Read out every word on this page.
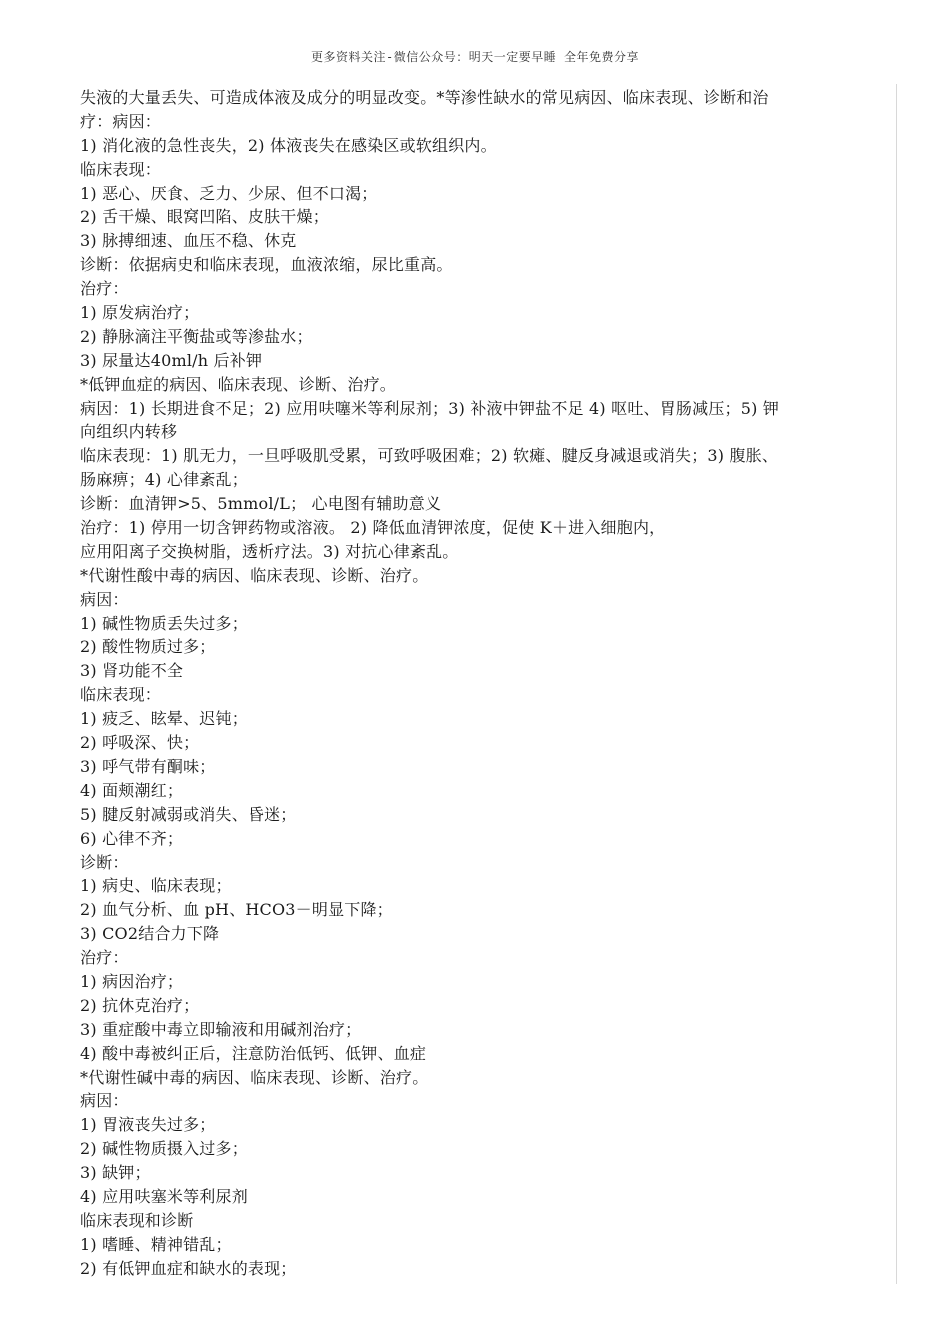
更多资料关注-微信公众号：明天一定要早睡 全年免费分享
失液的大量丢失、可造成体液及成分的明显改变。*等渗性缺水的常见病因、临床表现、诊断和治
疗：病因：
1) 消化液的急性丧失，2) 体液丧失在感染区或软组织内。
临床表现：
1) 恶心、厌食、乏力、少尿、但不口渴；
2) 舌干燥、眼窝凹陷、皮肤干燥；
3) 脉搏细速、血压不稳、休克
诊断：依据病史和临床表现，血液浓缩，尿比重高。
治疗：
1) 原发病治疗；
2) 静脉滴注平衡盐或等渗盐水；
3) 尿量达40ml/h 后补钾
*低钾血症的病因、临床表现、诊断、治疗。
病因：1) 长期进食不足；2) 应用呋噻米等利尿剂；3) 补液中钾盐不足 4) 呕吐、胃肠减压；5) 钾
向组织内转移
临床表现：1) 肌无力，一旦呼吸肌受累，可致呼吸困难；2) 软瘫、腱反身减退或消失；3) 腹胀、
肠麻痹；4) 心律紊乱；
诊断：血清钾>5、5mmol/L； 心电图有辅助意义
治疗：1) 停用一切含钾药物或溶液。 2) 降低血清钾浓度，促使 K＋进入细胞内，
应用阳离子交换树脂，透析疗法。3) 对抗心律紊乱。
*代谢性酸中毒的病因、临床表现、诊断、治疗。
病因：
1) 碱性物质丢失过多；
2) 酸性物质过多；
3) 肾功能不全
临床表现：
1) 疲乏、眩晕、迟钝；
2) 呼吸深、快；
3) 呼气带有酮味；
4) 面颊潮红；
5) 腱反射减弱或消失、昏迷；
6) 心律不齐；
诊断：
1) 病史、临床表现；
2) 血气分析、血 pH、HCO3－明显下降；
3) CO2结合力下降
治疗：
1) 病因治疗；
2) 抗休克治疗；
3) 重症酸中毒立即输液和用碱剂治疗；
4) 酸中毒被纠正后，注意防治低钙、低钾、血症
*代谢性碱中毒的病因、临床表现、诊断、治疗。
病因：
1) 胃液丧失过多；
2) 碱性物质摄入过多；
3) 缺钾；
4) 应用呋塞米等利尿剂
临床表现和诊断
1) 嗜睡、精神错乱；
2) 有低钾血症和缺水的表现；
